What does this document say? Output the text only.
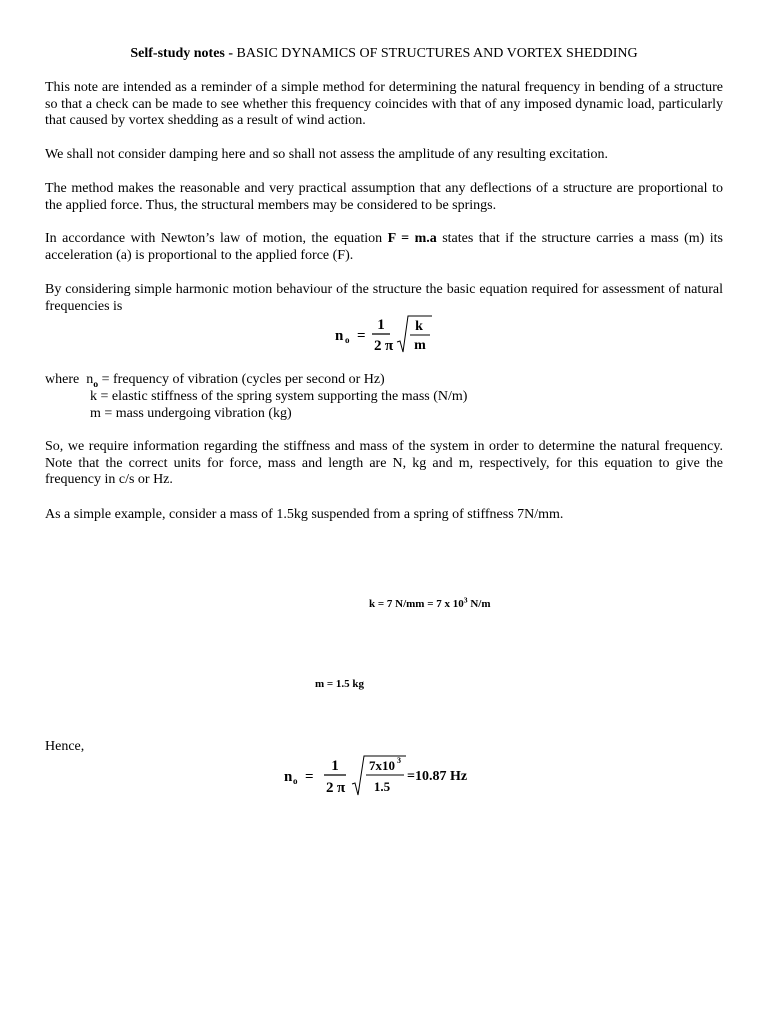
Self-study notes - BASIC DYNAMICS OF STRUCTURES AND VORTEX SHEDDING
This note are intended as a reminder of a simple method for determining the natural frequency in bending of a structure so that a check can be made to see whether this frequency coincides with that of any imposed dynamic load, particularly that caused by vortex shedding as a result of wind action.
We shall not consider damping here and so shall not assess the amplitude of any resulting excitation.
The method makes the reasonable and very practical assumption that any deflections of a structure are proportional to the applied force. Thus, the structural members may be considered to be springs.
In accordance with Newton’s law of motion, the equation F = m.a states that if the structure carries a mass (m) its acceleration (a) is proportional to the applied force (F).
By considering simple harmonic motion behaviour of the structure the basic equation required for assessment of natural frequencies is
n o =
1
2 π
k
m
where $n_o$ = frequency of vibration (cycles per second or Hz)
k = elastic stiffness of the spring system supporting the mass (N/m)
m = mass undergoing vibration (kg)
So, we require information regarding the stiffness and mass of the system in order to determine the natural frequency. Note that the correct units for force, mass and length are N, kg and m, respectively, for this equation to give the frequency in c/s or Hz.
As a simple example, consider a mass of 1.5kg suspended from a spring of stiffness 7N/mm.
k = 7 N/mm = 7 x $10^3$ N/m
m = 1.5 kg
Hence,
n o =
1
2 π
7x10 3
1.5
=10.87 Hz
